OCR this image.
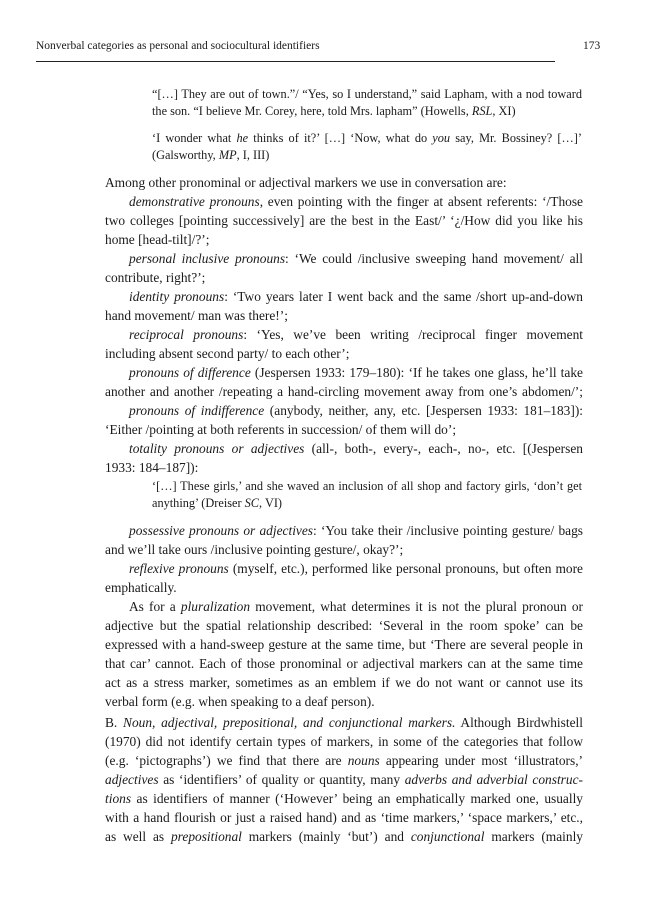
Nonverbal categories as personal and sociocultural identifiers	173
“[…] They are out of town.”/ “Yes, so I understand,” said Lapham, with a nod toward
the son. “I believe Mr. Corey, here, told Mrs. lapham” (Howells, RSL, XI)
‘I wonder what he thinks of it?’ […] ‘Now, what do you say, Mr. Bossiney? […]’
(Galsworthy, MP, I, III)
Among other pronominal or adjectival markers we use in conversation are:
demonstrative pronouns, even pointing with the finger at absent referents: ‘/Those
two colleges [pointing successively] are the best in the East/’ ‘¿/How did you like his
home [head-tilt]/?’;
personal inclusive pronouns: ‘We could /inclusive sweeping hand movement/ all
contribute, right?’;
identity pronouns: ‘Two years later I went back and the same /short up-and-down
hand movement/ man was there!’;
reciprocal pronouns: ‘Yes, we’ve been writing /reciprocal finger movement
including absent second party/ to each other’;
pronouns of difference (Jespersen 1933: 179–180): ‘If he takes one glass, he’ll take
another and another /repeating a hand-circling movement away from one’s abdomen/’;
pronouns of indifference (anybody, neither, any, etc. [Jespersen 1933: 181–183]):
‘Either /pointing at both referents in succession/ of them will do’;
totality pronouns or adjectives (all-, both-, every-, each-, no-, etc. [(Jespersen
1933: 184–187]):
‘[…] These girls,’ and she waved an inclusion of all shop and factory girls, ‘don’t get
anything’ (Dreiser SC, VI)
possessive pronouns or adjectives: ‘You take their /inclusive pointing gesture/ bags
and we’ll take ours /inclusive pointing gesture/, okay?’;
reflexive pronouns (myself, etc.), performed like personal pronouns, but often more
emphatically.
As for a pluralization movement, what determines it is not the plural pronoun or
adjective but the spatial relationship described: ‘Several in the room spoke’ can be
expressed with a hand-sweep gesture at the same time, but ‘There are several people in
that car’ cannot. Each of those pronominal or adjectival markers can at the same time
act as a stress marker, sometimes as an emblem if we do not want or cannot use its
verbal form (e.g. when speaking to a deaf person).
B. Noun, adjectival, prepositional, and conjunctional markers. Although Birdwhistell
(1970) did not identify certain types of markers, in some of the categories that follow
(e.g. ‘pictographs’) we find that there are nouns appearing under most ‘illustrators,’
adjectives as ‘identifiers’ of quality or quantity, many adverbs and adverbial construc-
tions as identifiers of manner (‘However’ being an emphatically marked one, usually
with a hand flourish or just a raised hand) and as ‘time markers,’ ‘space markers,’ etc.,
as well as prepositional markers (mainly ‘but’) and conjunctional markers (mainly
